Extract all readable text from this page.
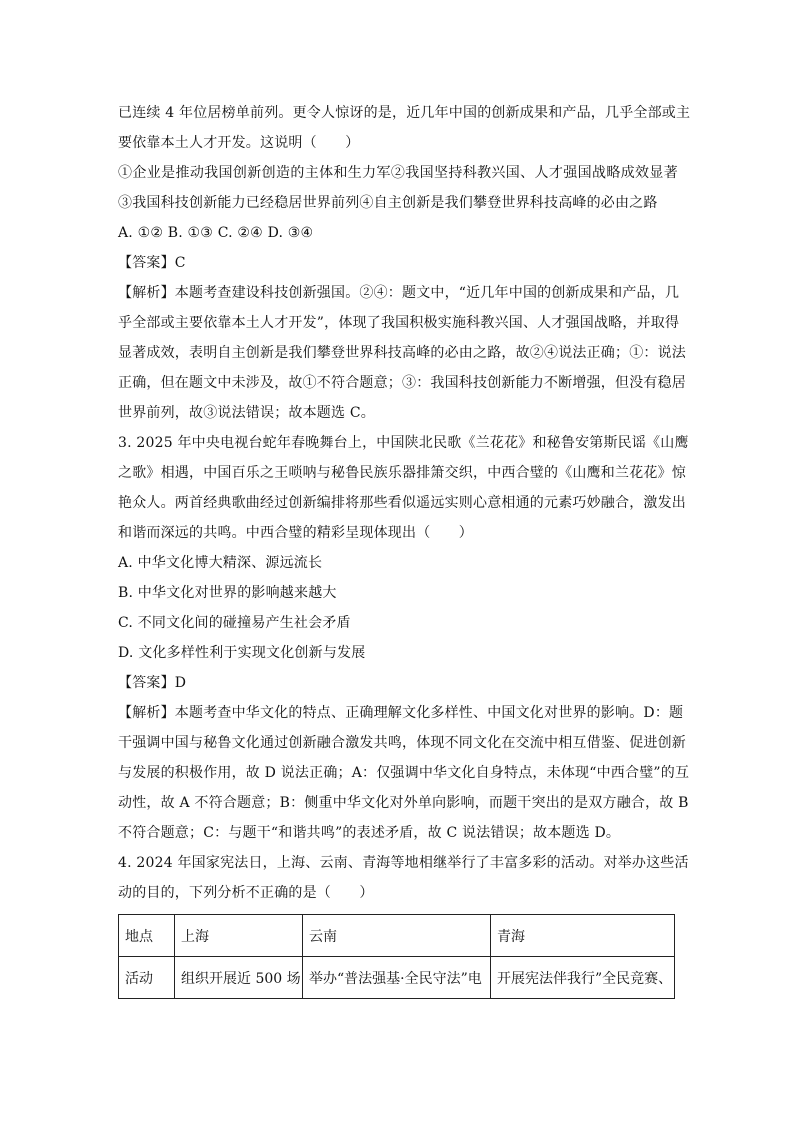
已连续 4 年位居榜单前列。更令人惊讶的是，近几年中国的创新成果和产品，几乎全部或主
要依靠本土人才开发。这说明（　　）
①企业是推动我国创新创造的主体和生力军②我国坚持科教兴国、人才强国战略成效显著
③我国科技创新能力已经稳居世界前列④自主创新是我们攀登世界科技高峰的必由之路
A. ①② B. ①③ C. ②④ D. ③④
【答案】C
【解析】本题考查建设科技创新强国。②④：题文中，“近几年中国的创新成果和产品，几
乎全部或主要依靠本土人才开发”，体现了我国积极实施科教兴国、人才强国战略，并取得
显著成效，表明自主创新是我们攀登世界科技高峰的必由之路，故②④说法正确；①：说法
正确，但在题文中未涉及，故①不符合题意；③：我国科技创新能力不断增强，但没有稳居
世界前列，故③说法错误；故本题选 C。
3. 2025 年中央电视台蛇年春晚舞台上，中国陕北民歌《兰花花》和秘鲁安第斯民谣《山鹰
之歌》相遇，中国百乐之王唢呐与秘鲁民族乐器排箫交织，中西合璧的《山鹰和兰花花》惊
艳众人。两首经典歌曲经过创新编排将那些看似遥远实则心意相通的元素巧妙融合，激发出
和谐而深远的共鸣。中西合璧的精彩呈现体现出（　　）
A. 中华文化博大精深、源远流长
B. 中华文化对世界的影响越来越大
C. 不同文化间的碰撞易产生社会矛盾
D. 文化多样性利于实现文化创新与发展
【答案】D
【解析】本题考查中华文化的特点、正确理解文化多样性、中国文化对世界的影响。D：题
干强调中国与秘鲁文化通过创新融合激发共鸣，体现不同文化在交流中相互借鉴、促进创新
与发展的积极作用，故 D 说法正确；A：仅强调中华文化自身特点，未体现“中西合璧”的互
动性，故 A 不符合题意；B：侧重中华文化对外单向影响，而题干突出的是双方融合，故 B
不符合题意；C：与题干“和谐共鸣”的表述矛盾，故 C 说法错误；故本题选 D。
4. 2024 年国家宪法日，上海、云南、青海等地相继举行了丰富多彩的活动。对举办这些活
动的目的，下列分析不正确的是（　　）
地点	上海	云南	青海
活动	组织开展近 500 场	举办“普法强基·全民守法”电	开展宪法伴我行”全民竞赛、
